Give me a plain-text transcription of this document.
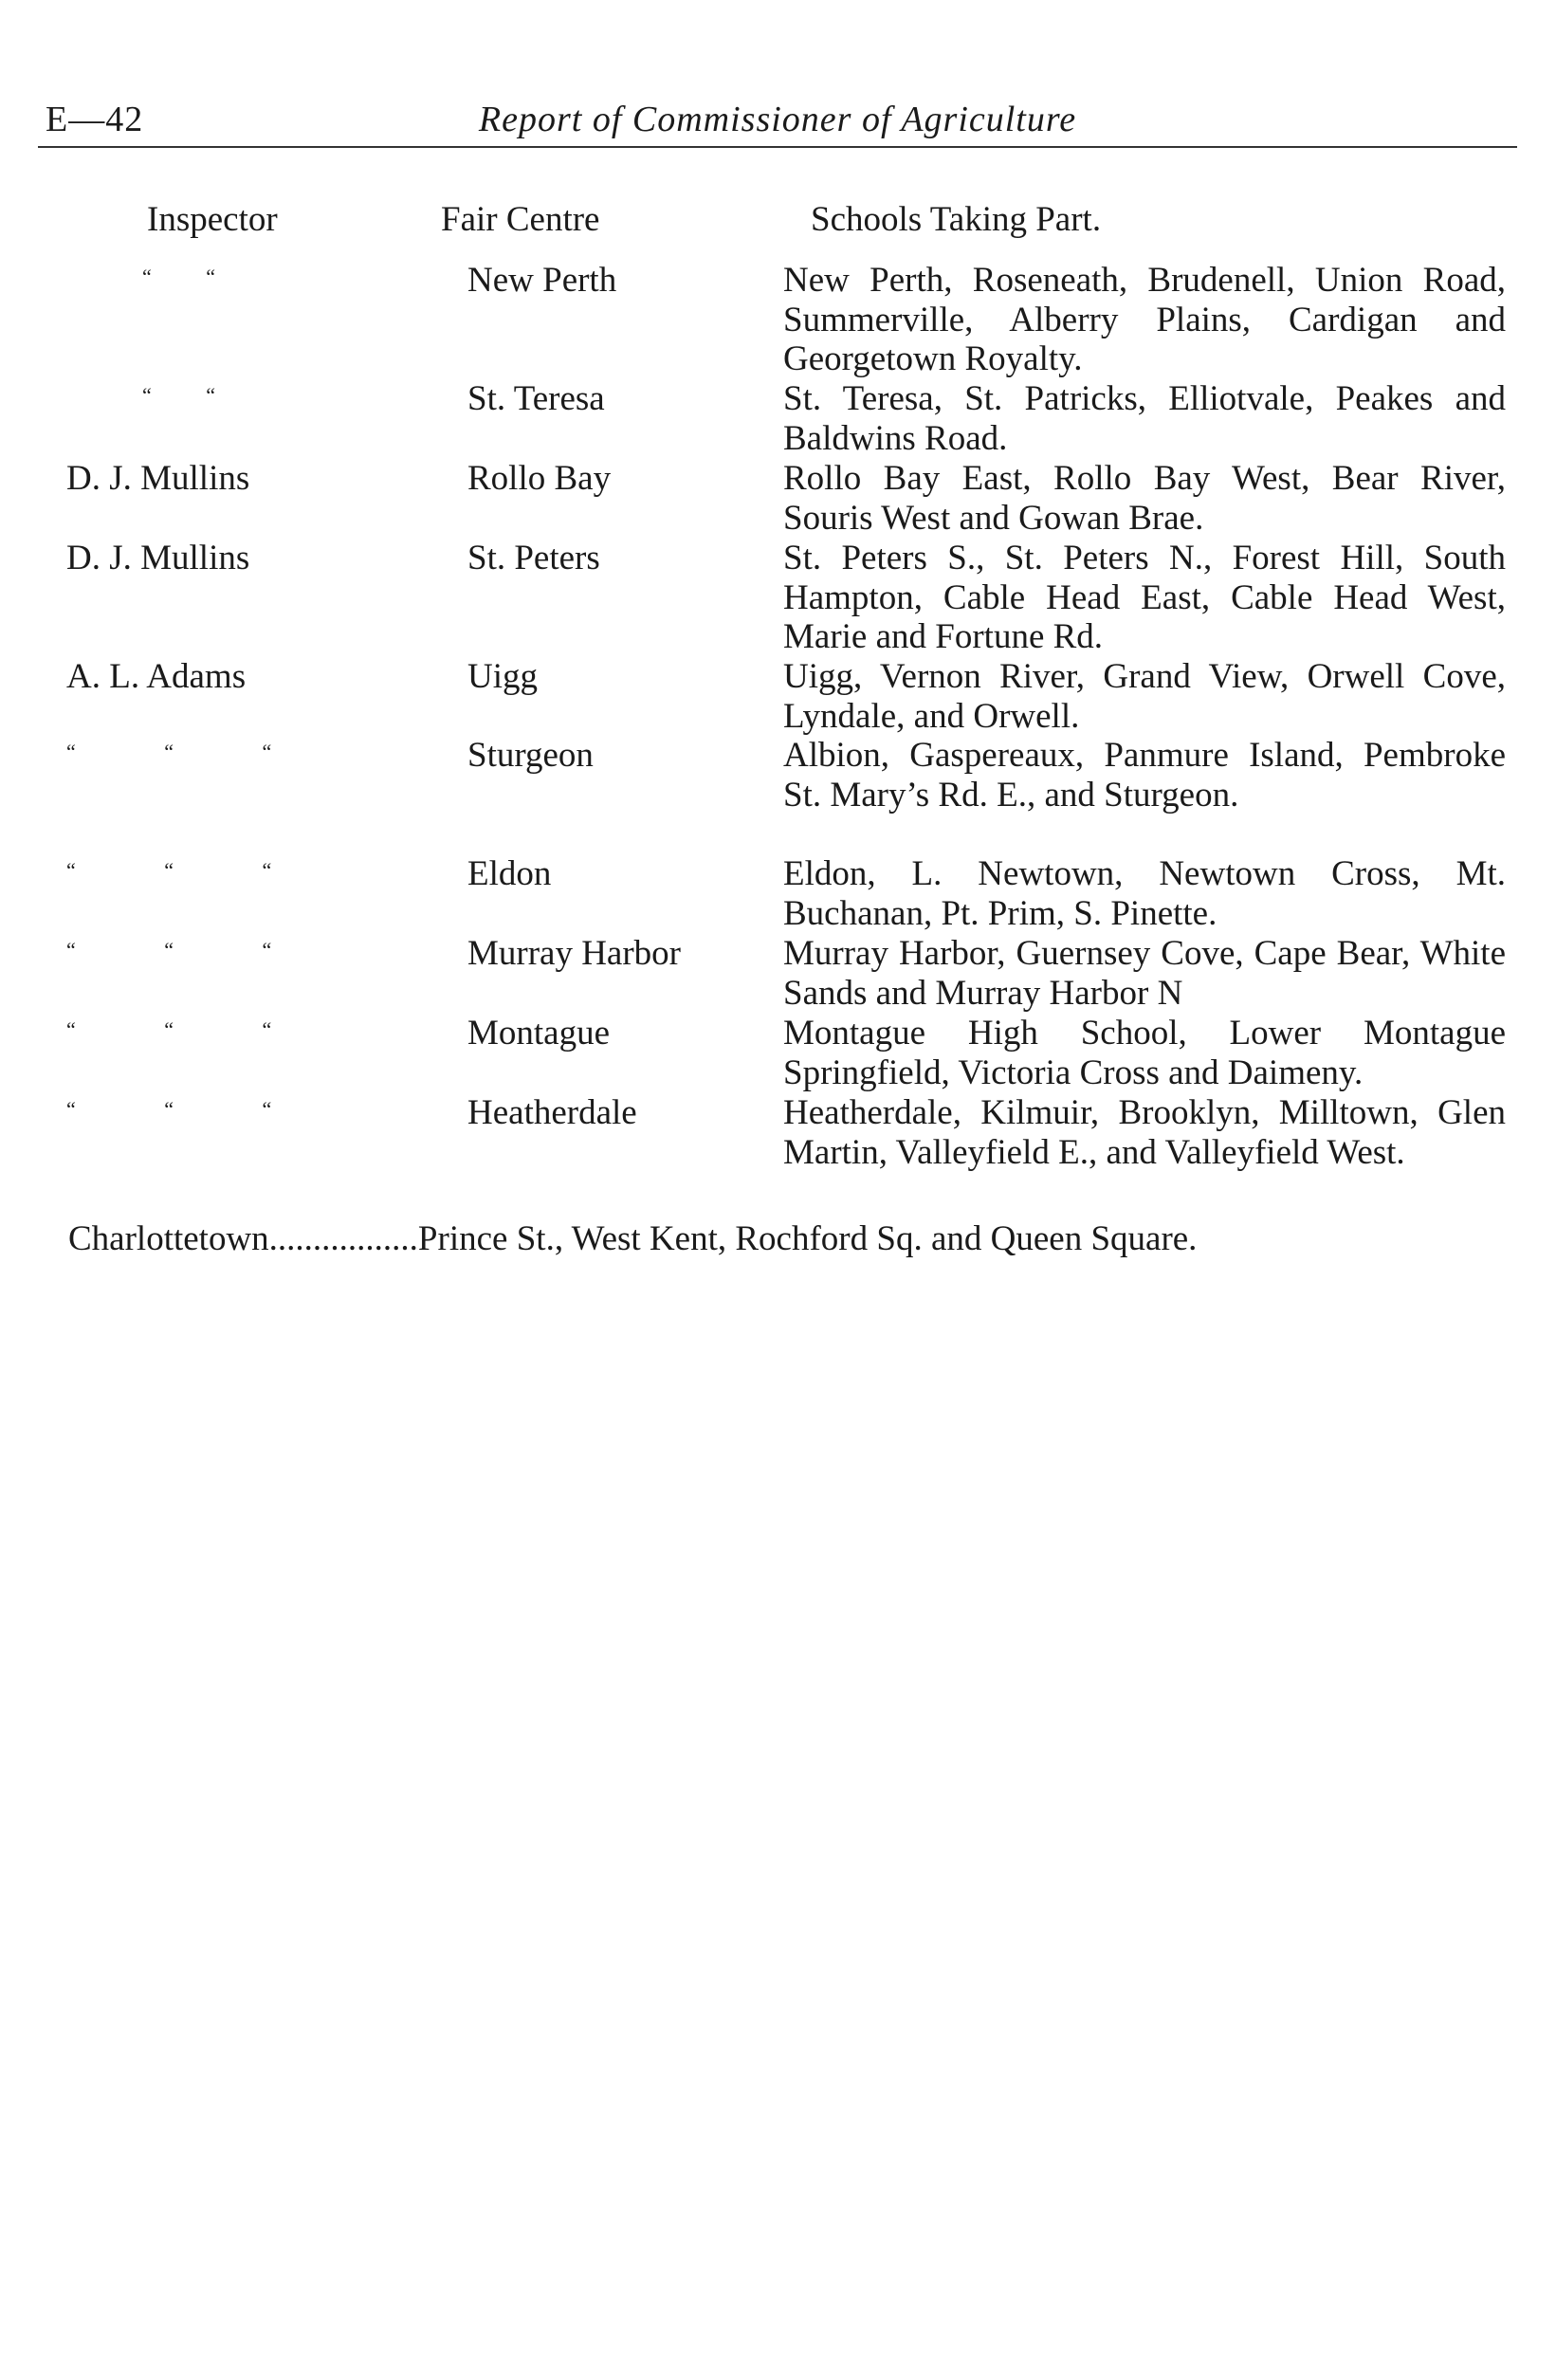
E—42	Report of Commissioner of Agriculture
Inspector	Fair Centre	Schools Taking Part.
“ “	New Perth	New Perth, Roseneath, Brudenell, Union Road, Summerville, Alberry Plains, Cardigan and Georgetown Royalty.
“ “	St. Teresa	St. Teresa, St. Patricks, Elliotvale, Peakes and Baldwins Road.
D. J. Mullins	Rollo Bay	Rollo Bay East, Rollo Bay West, Bear River, Souris West and Gowan Brae.
D. J. Mullins	St. Peters	St. Peters S., St. Peters N., Forest Hill, South Hampton, Cable Head East, Cable Head West, Marie and Fortune Rd.
A. L. Adams	Uigg	Uigg, Vernon River, Grand View, Orwell Cove, Lyndale, and Orwell.
“ “ “	Sturgeon	Albion, Gaspereaux, Panmure Island, Pembroke St. Mary’s Rd. E., and Sturgeon.
“ “ “	Eldon	Eldon, L. Newtown, Newtown Cross, Mt. Buchanan, Pt. Prim, S. Pinette.
“ “ “	Murray Harbor	Murray Harbor, Guernsey Cove, Cape Bear, White Sands and Murray Harbor N
“ “ “	Montague	Montague High School, Lower Montague Springfield, Victoria Cross and Daimeny.
“ “ “	Heatherdale	Heatherdale, Kilmuir, Brooklyn, Milltown, Glen Martin, Valleyfield E., and Valleyfield West.
Charlottetown.................Prince St., West Kent, Rochford Sq. and Queen Square.
